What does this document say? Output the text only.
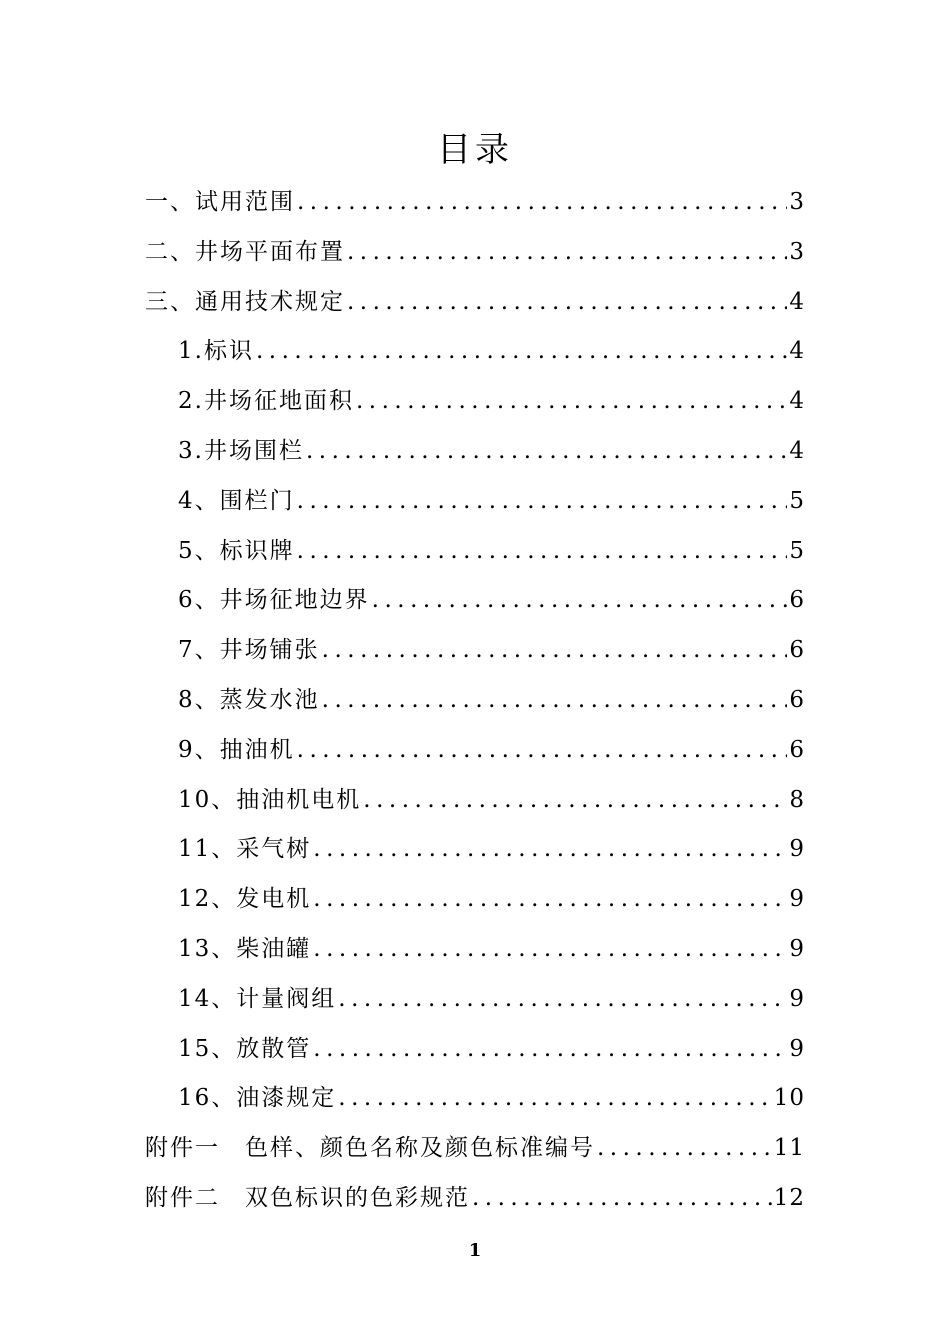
目录
一、试用范围 .....	3
二、井场平面布置 .....	3
三、通用技术规定 .....	4
1.标识 .....	4
2.井场征地面积 .....	4
3.井场围栏 .....	4
4、围栏门 .....	5
5、标识牌 .....	5
6、井场征地边界 .....	6
7、井场铺张 .....	6
8、蒸发水池 .....	6
9、抽油机 .....	6
10、抽油机电机 .....	8
11、采气树 .....	9
12、发电机 .....	9
13、柴油罐 .....	9
14、计量阀组 .....	9
15、放散管 .....	9
16、油漆规定 .....	10
附件一　色样、颜色名称及颜色标准编号 .....	11
附件二　双色标识的色彩规范 .....	12
1
